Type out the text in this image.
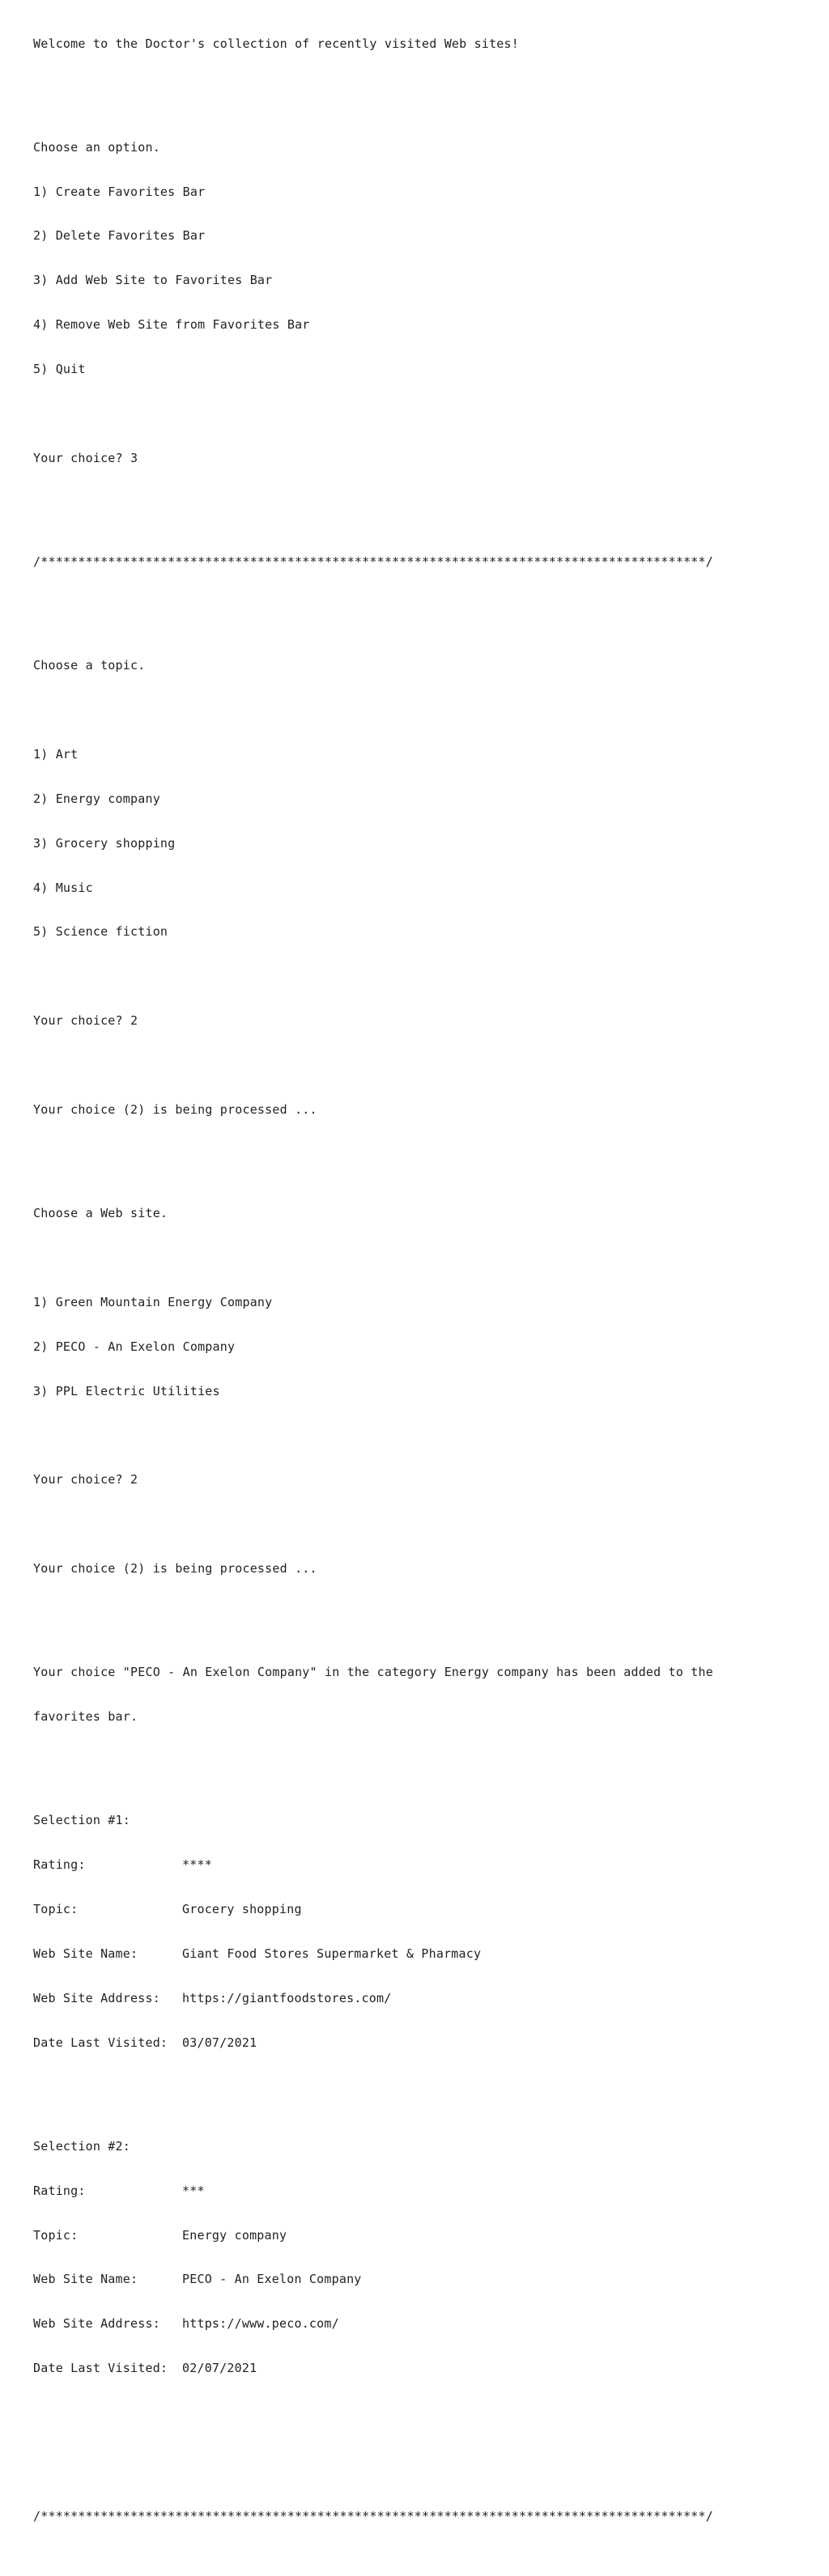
Welcome to the Doctor's collection of recently visited Web sites!

Choose an option.

1) Create Favorites Bar

2) Delete Favorites Bar

3) Add Web Site to Favorites Bar

4) Remove Web Site from Favorites Bar

5) Quit

Your choice? 3

/*****************************************************************************************/

Choose a topic.

1) Art

2) Energy company

3) Grocery shopping

4) Music

5) Science fiction

Your choice? 2

Your choice (2) is being processed ...

Choose a Web site.

1) Green Mountain Energy Company

2) PECO - An Exelon Company

3) PPL Electric Utilities

Your choice? 2

Your choice (2) is being processed ...

Your choice "PECO - An Exelon Company" in the category Energy company has been added to the

favorites bar.

Selection #1:

Rating:	****

Topic:	Grocery shopping

Web Site Name:	Giant Food Stores Supermarket & Pharmacy

Web Site Address: https://giantfoodstores.com/

Date Last Visited: 03/07/2021

Selection #2:

Rating:	***

Topic:	Energy company

Web Site Name:	PECO - An Exelon Company

Web Site Address: https://www.peco.com/

Date Last Visited: 02/07/2021

/*****************************************************************************************/
